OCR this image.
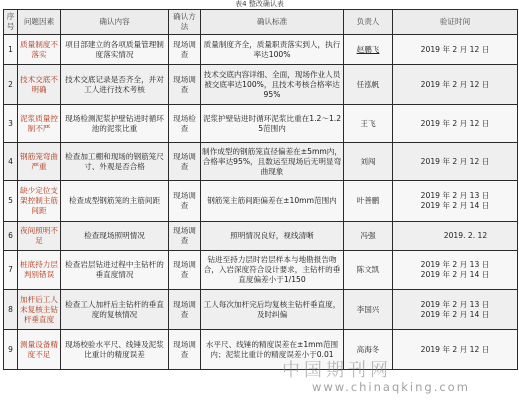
表4 整改确认表
序号	问题因素	确认内容	确认方法	确认标准	负责人	验证时间
1	质量制度不落实	项目部建立的各项质量管理制度落实情况	现场调查	质量制度齐全，质量职责落实到人，执行率达100%	赵鹏飞	2019 年 2 月 12 日

2	技术交底不明确	技术交底记录是否齐全，并对工人进行技术考核	现场调查	技术交底内容详细、全面，现场作业人员被交底率达100%，且技术考核合格率达95%	任泓帆	2019 年 2 月 12 日

3	泥浆质量控制不严	现场检测泥浆护壁钻进时循环池的泥浆比重	现场检查	泥浆护壁钻进时循环泥浆比重在1.2～1.25范围内	王飞	2019 年 2 月 12 日

4	钢筋笼弯曲严重	检查加工棚和现场的钢筋笼尺寸、外观是否合格	现场调查	制作成型的钢筋笼直径偏差在±5mm内，合格率达95%，且数运至现场后无明显弯曲现象	刘闯	2019 年 2 月 12 日

5	缺少定位支架控制主筋间距	检查成型钢筋笼的主筋间距	现场调查	钢筋笼主筋间距偏差在±10mm范围内	叶善鹏	2019 年 2 月 13 日
2019 年 2 月 14 日

6	夜间照明不足	检查现场照明情况	现场调查	照明情况良好，视线清晰	冯强	2019. 2. 12

7	桩底持力层判别错误	检查岩层钻进过程中主钻杆的垂直度情况	现场调查	钻进至持力层时岩层样本与地勘报告吻合，入岩深度符合设计要求，主钻杆的垂直度偏差小于1/150	陈文凯	2019 年 2 月 13 日
2019 年 2 月 14 日

8	加杆后工人未复核主钻杆垂直度	检查工人加杆后主钻杆的垂直度的复核情况	现场调查	工人每次加杆完后均复核主钻杆垂直度，及时纠偏	李国兴	2019 年 2 月 13 日
2019 年 2 月 14 日

9	测量设备精度不足	现场校验水平尺、线锤及泥浆比重计的精度误差	现场调查	水平尺、线锤的精度误差在±1mm范围内；泥浆比重计的精度误差小于0.01	高海冬	2019 年 2 月 12 日
中国期刊网
www.chinaqking.com
